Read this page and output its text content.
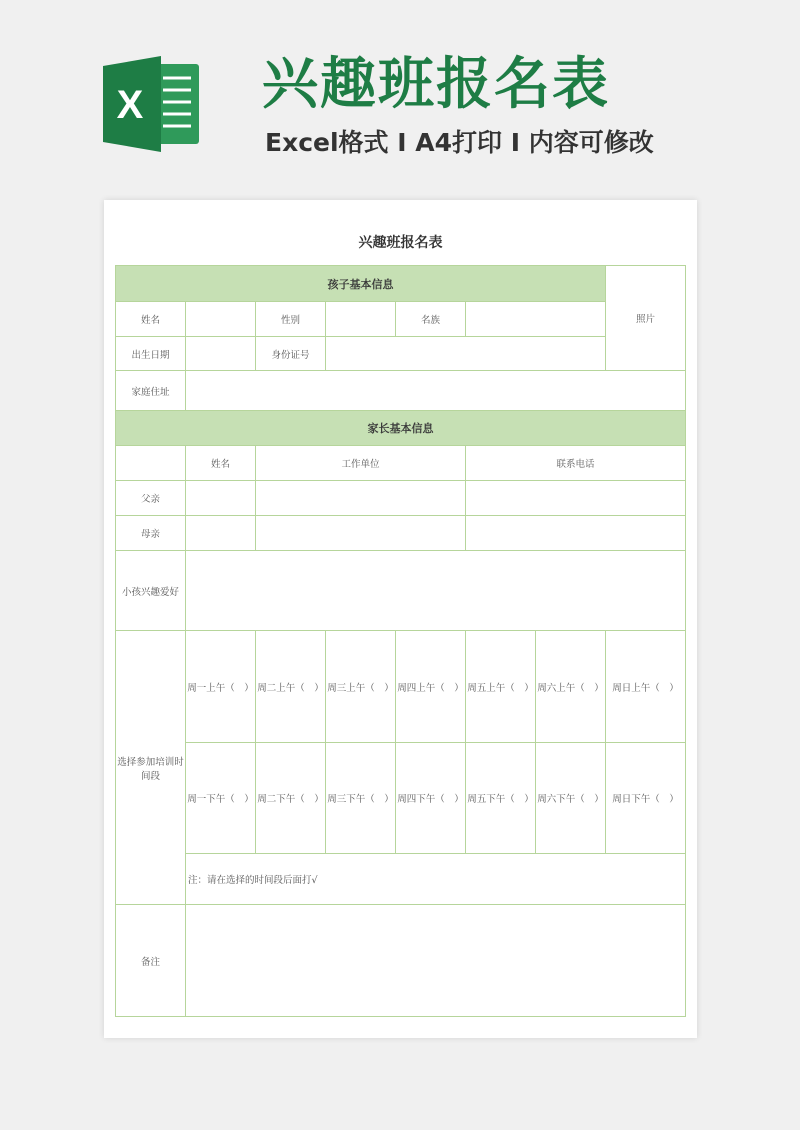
X 兴趣班报名表
Excel格式 I A4打印 I 内容可修改
兴趣班报名表
孩子基本信息							照片
姓名		性别		名族			
出生日期		身份证号					
家庭住址							
家长基本信息							
	姓名	工作单位			联系电话		
父亲							
母亲							
小孩兴趣爱好							
选择参加培训时间段	周一上午（　）	周二上午（　）	周三上午（　）	周四上午（　）	周五上午（　）	周六上午（　）	周日上午（　）
	周一下午（　）	周二下午（　）	周三下午（　）	周四下午（　）	周五下午（　）	周六下午（　）	周日下午（　）
	注：请在选择的时间段后面打√						
备注							
